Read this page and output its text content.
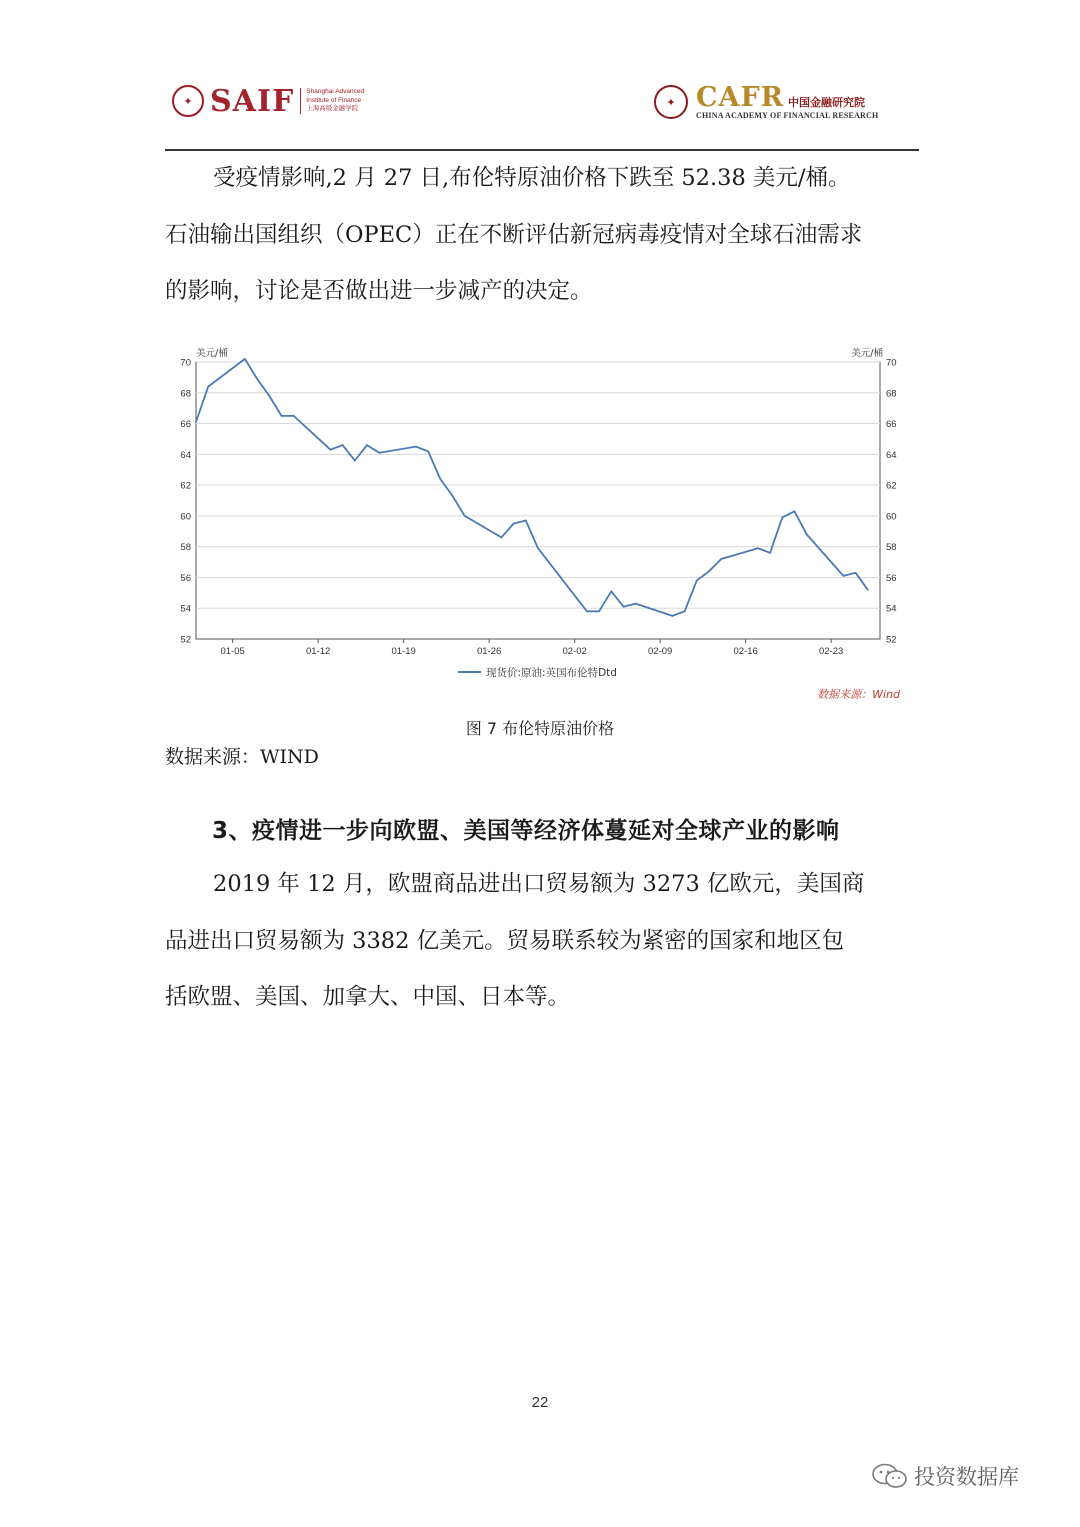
✦ SAIF Shanghai Advanced
Institute of Finance
上海高级金融学院
✦ CAFR 中国金融研究院
CHINA ACADEMY OF FINANCIAL RESEARCH
受疫情影响,2 月 27 日,布伦特原油价格下跌至 52.38 美元/桶。
石油输出国组织（OPEC）正在不断评估新冠病毒疫情对全球石油需求
的影响，讨论是否做出进一步减产的决定。
52	52
54	54
56	56
58	58
60	60
62	62
64	64
66	66
68	68
70	70
美元/桶	美元/桶
01-05	01-12	01-19	01-26	02-02	02-09	02-16	02-23
现货价:原油:英国布伦特Dtd
数据来源：Wind
图 7 布伦特原油价格
数据来源：WIND
3、疫情进一步向欧盟、美国等经济体蔓延对全球产业的影响
2019 年 12 月，欧盟商品进出口贸易额为 3273 亿欧元，美国商
品进出口贸易额为 3382 亿美元。贸易联系较为紧密的国家和地区包
括欧盟、美国、加拿大、中国、日本等。
22
投资数据库
